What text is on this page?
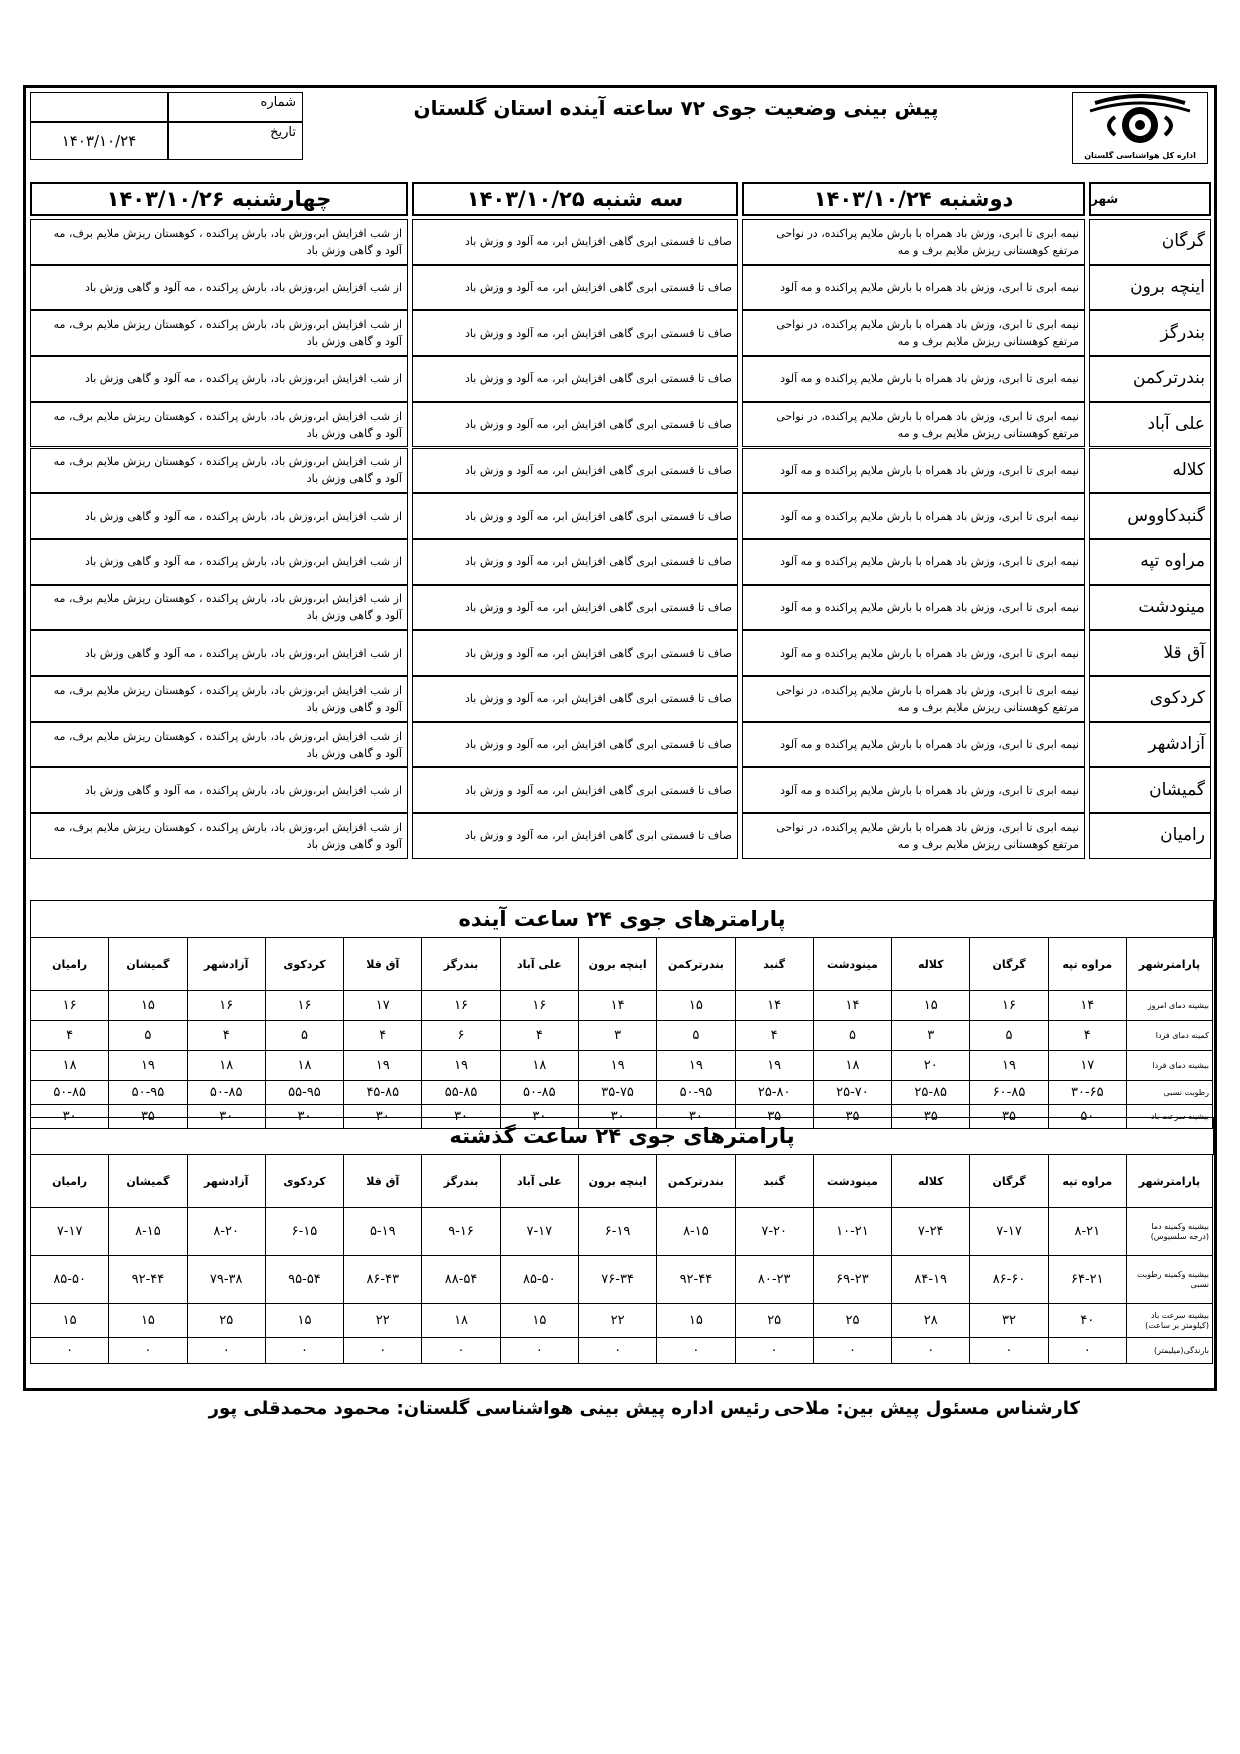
شماره
۱۴۰۳/۱۰/۲۴	تاریخ
پیش بینی وضعیت جوی ۷۲ ساعته آینده استان گلستان
اداره کل هواشناسی گلستان
شهر
دوشنبه ۱۴۰۳/۱۰/۲۴
سه شنبه ۱۴۰۳/۱۰/۲۵
چهارشنبه ۱۴۰۳/۱۰/۲۶
گرگان
نیمه ابری تا ابری، وزش باد همراه با بارش ملایم پراکنده، در نواحی مرتفع کوهستانی ریزش ملایم برف و مه
صاف تا قسمتی ابری گاهی افزایش ابر، مه آلود و وزش باد
از شب افزایش ابر،وزش باد، بارش پراکنده ، کوهستان ریزش ملایم برف، مه آلود و گاهی وزش باد
اینچه برون
نیمه ابری تا ابری، وزش باد همراه با بارش ملایم پراکنده و مه آلود
صاف تا قسمتی ابری گاهی افزایش ابر، مه آلود و وزش باد
از شب افزایش ابر،وزش باد، بارش پراکنده ، مه آلود و گاهی وزش باد
بندرگز
نیمه ابری تا ابری، وزش باد همراه با بارش ملایم پراکنده، در نواحی مرتفع کوهستانی ریزش ملایم برف و مه
صاف تا قسمتی ابری گاهی افزایش ابر، مه آلود و وزش باد
از شب افزایش ابر،وزش باد، بارش پراکنده ، کوهستان ریزش ملایم برف، مه آلود و گاهی وزش باد
بندرترکمن
نیمه ابری تا ابری، وزش باد همراه با بارش ملایم پراکنده و مه آلود
صاف تا قسمتی ابری گاهی افزایش ابر، مه آلود و وزش باد
از شب افزایش ابر،وزش باد، بارش پراکنده ، مه آلود و گاهی وزش باد
علی آباد
نیمه ابری تا ابری، وزش باد همراه با بارش ملایم پراکنده، در نواحی مرتفع کوهستانی ریزش ملایم برف و مه
صاف تا قسمتی ابری گاهی افزایش ابر، مه آلود و وزش باد
از شب افزایش ابر،وزش باد، بارش پراکنده ، کوهستان ریزش ملایم برف، مه آلود و گاهی وزش باد
کلاله
نیمه ابری تا ابری، وزش باد همراه با بارش ملایم پراکنده و مه آلود
صاف تا قسمتی ابری گاهی افزایش ابر، مه آلود و وزش باد
از شب افزایش ابر،وزش باد، بارش پراکنده ، کوهستان ریزش ملایم برف، مه آلود و گاهی وزش باد
گنبدکاووس
نیمه ابری تا ابری، وزش باد همراه با بارش ملایم پراکنده و مه آلود
صاف تا قسمتی ابری گاهی افزایش ابر، مه آلود و وزش باد
از شب افزایش ابر،وزش باد، بارش پراکنده ، مه آلود و گاهی وزش باد
مراوه تپه
نیمه ابری تا ابری، وزش باد همراه با بارش ملایم پراکنده و مه آلود
صاف تا قسمتی ابری گاهی افزایش ابر، مه آلود و وزش باد
از شب افزایش ابر،وزش باد، بارش پراکنده ، مه آلود و گاهی وزش باد
مینودشت
نیمه ابری تا ابری، وزش باد همراه با بارش ملایم پراکنده و مه آلود
صاف تا قسمتی ابری گاهی افزایش ابر، مه آلود و وزش باد
از شب افزایش ابر،وزش باد، بارش پراکنده ، کوهستان ریزش ملایم برف، مه آلود و گاهی وزش باد
آق قلا
نیمه ابری تا ابری، وزش باد همراه با بارش ملایم پراکنده و مه آلود
صاف تا قسمتی ابری گاهی افزایش ابر، مه آلود و وزش باد
از شب افزایش ابر،وزش باد، بارش پراکنده ، مه آلود و گاهی وزش باد
کردکوی
نیمه ابری تا ابری، وزش باد همراه با بارش ملایم پراکنده، در نواحی مرتفع کوهستانی ریزش ملایم برف و مه
صاف تا قسمتی ابری گاهی افزایش ابر، مه آلود و وزش باد
از شب افزایش ابر،وزش باد، بارش پراکنده ، کوهستان ریزش ملایم برف، مه آلود و گاهی وزش باد
آزادشهر
نیمه ابری تا ابری، وزش باد همراه با بارش ملایم پراکنده و مه آلود
صاف تا قسمتی ابری گاهی افزایش ابر، مه آلود و وزش باد
از شب افزایش ابر،وزش باد، بارش پراکنده ، کوهستان ریزش ملایم برف، مه آلود و گاهی وزش باد
گمیشان
نیمه ابری تا ابری، وزش باد همراه با بارش ملایم پراکنده و مه آلود
صاف تا قسمتی ابری گاهی افزایش ابر، مه آلود و وزش باد
از شب افزایش ابر،وزش باد، بارش پراکنده ، مه آلود و گاهی وزش باد
رامیان
نیمه ابری تا ابری، وزش باد همراه با بارش ملایم پراکنده، در نواحی مرتفع کوهستانی ریزش ملایم برف و مه
صاف تا قسمتی ابری گاهی افزایش ابر، مه آلود و وزش باد
از شب افزایش ابر،وزش باد، بارش پراکنده ، کوهستان ریزش ملایم برف، مه آلود و گاهی وزش باد
پارامترهای جوی ۲۴ ساعت آینده
پارامترشهر	مراوه تپه	گرگان	کلاله	مینودشت	گنبد	بندرترکمن	اینچه برون	علی آباد	بندرگز	آق قلا	کردکوی	آزادشهر	گمیشان	رامیان
بیشینه دمای امروز	۱۴	۱۶	۱۵	۱۴	۱۴	۱۵	۱۴	۱۶	۱۶	۱۷	۱۶	۱۶	۱۵	۱۶
کمینه دمای فردا	۴	۵	۳	۵	۴	۵	۳	۴	۶	۴	۵	۴	۵	۴
بیشینه دمای فردا	۱۷	۱۹	۲۰	۱۸	۱۹	۱۹	۱۹	۱۸	۱۹	۱۹	۱۸	۱۸	۱۹	۱۸
رطوبت نسبی	۳۰-۶۵	۶۰-۸۵	۲۵-۸۵	۲۵-۷۰	۲۵-۸۰	۵۰-۹۵	۳۵-۷۵	۵۰-۸۵	۵۵-۸۵	۴۵-۸۵	۵۵-۹۵	۵۰-۸۵	۵۰-۹۵	۵۰-۸۵
بیشینه سرعت باد	۵۰	۳۵	۳۵	۳۵	۳۵	۳۰	۳۰	۳۰	۳۰	۳۰	۳۰	۳۰	۳۵	۳۰
پارامترهای جوی ۲۴ ساعت گذشته
پارامترشهر	مراوه تپه	گرگان	کلاله	مینودشت	گنبد	بندرترکمن	اینچه برون	علی آباد	بندرگز	آق قلا	کردکوی	آزادشهر	گمیشان	رامیان
بیشینه وکمینه دما (درجه سلسیوس)	۸-۲۱	۷-۱۷	۷-۲۴	۱۰-۲۱	۷-۲۰	۸-۱۵	۶-۱۹	۷-۱۷	۹-۱۶	۵-۱۹	۶-۱۵	۸-۲۰	۸-۱۵	۷-۱۷
بیشینه وکمینه رطوبت نسبی	۶۴-۲۱	۸۶-۶۰	۸۴-۱۹	۶۹-۲۳	۸۰-۲۳	۹۲-۴۴	۷۶-۳۴	۸۵-۵۰	۸۸-۵۴	۸۶-۴۳	۹۵-۵۴	۷۹-۳۸	۹۲-۴۴	۸۵-۵۰
بیشینه سرعت باد (کیلومتر بر ساعت)	۴۰	۳۲	۲۸	۲۵	۲۵	۱۵	۲۲	۱۵	۱۸	۲۲	۱۵	۲۵	۱۵	۱۵
بارندگی(میلیمتر)	۰	۰	۰	۰	۰	۰	۰	۰	۰	۰	۰	۰	۰	۰
کارشناس مسئول پیش بین: ملاحی
رئیس اداره پیش بینی هواشناسی گلستان: محمود محمدقلی پور
